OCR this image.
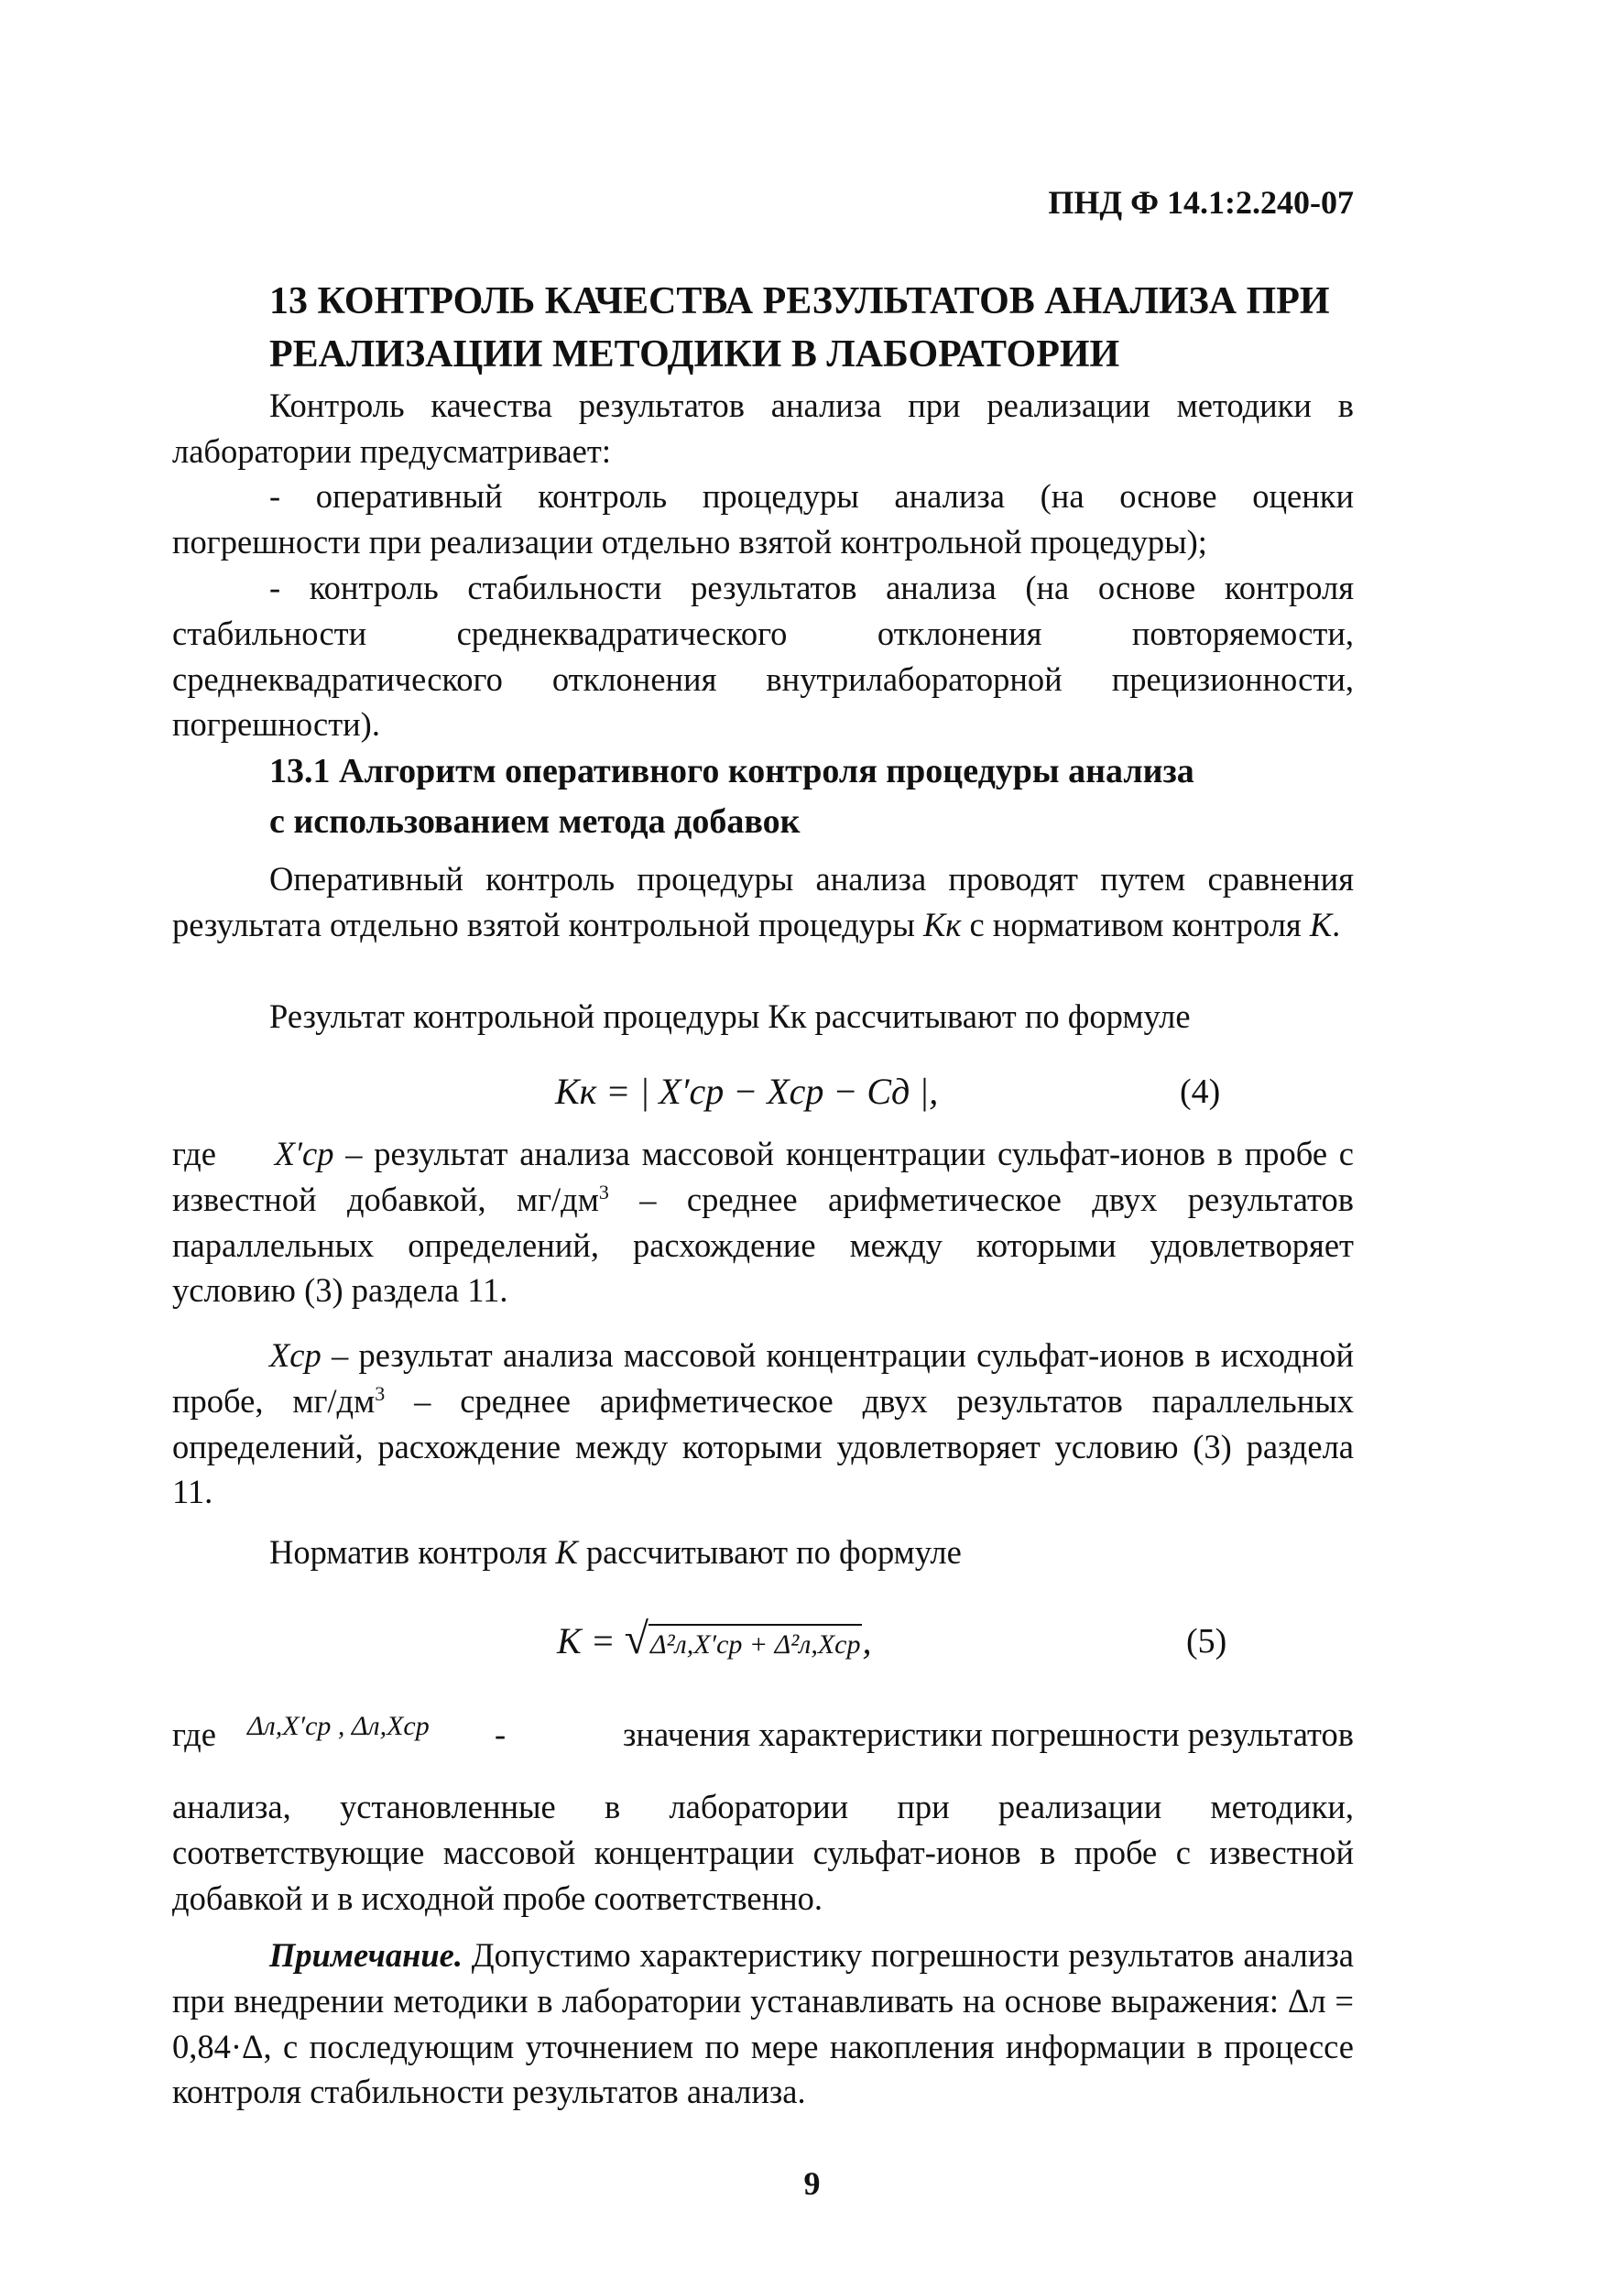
ПНД Ф 14.1:2.240-07
13 КОНТРОЛЬ КАЧЕСТВА РЕЗУЛЬТАТОВ АНАЛИЗА ПРИ
РЕАЛИЗАЦИИ МЕТОДИКИ В ЛАБОРАТОРИИ
Контроль качества результатов анализа при реализации методики в лаборатории предусматривает:
- оперативный контроль процедуры анализа (на основе оценки погрешности при реализации отдельно взятой контрольной процедуры);
- контроль стабильности результатов анализа (на основе контроля стабильности среднеквадратического отклонения повторяемости, среднеквадратического отклонения внутрилабораторной прецизионности, погрешности).
13.1 Алгоритм оперативного контроля процедуры анализа
с использованием метода добавок
Оперативный контроль процедуры анализа проводят путем сравнения результата отдельно взятой контрольной процедуры Кк с нормативом контроля К.
Результат контрольной процедуры Кк рассчитывают по формуле
Кк = | X′ср − Xср − Cд |,	(4)
где X′ср – результат анализа массовой концентрации сульфат-ионов в пробе с известной добавкой, $мг/дм^3$ – среднее арифметическое двух результатов параллельных определений, расхождение между которыми удовлетворяет условию (3) раздела 11.
Xср – результат анализа массовой концентрации сульфат-ионов в исходной пробе, $мг/дм^3$ – среднее арифметическое двух результатов параллельных определений, расхождение между которыми удовлетворяет условию (3) раздела 11.
Норматив контроля К рассчитывают по формуле
K = √Δ²л,X′ср + Δ²л,Xср,	(5)
где Δл,X′ср , Δл,Xср -	значения характеристики погрешности результатов
анализа, установленные в лаборатории при реализации методики, соответствующие массовой концентрации сульфат-ионов в пробе с известной добавкой и в исходной пробе соответственно.
Примечание. Допустимо характеристику погрешности результатов анализа при внедрении методики в лаборатории устанавливать на основе выражения: Δл = 0,84·Δ, с последующим уточнением по мере накопления информации в процессе контроля стабильности результатов анализа.
9
